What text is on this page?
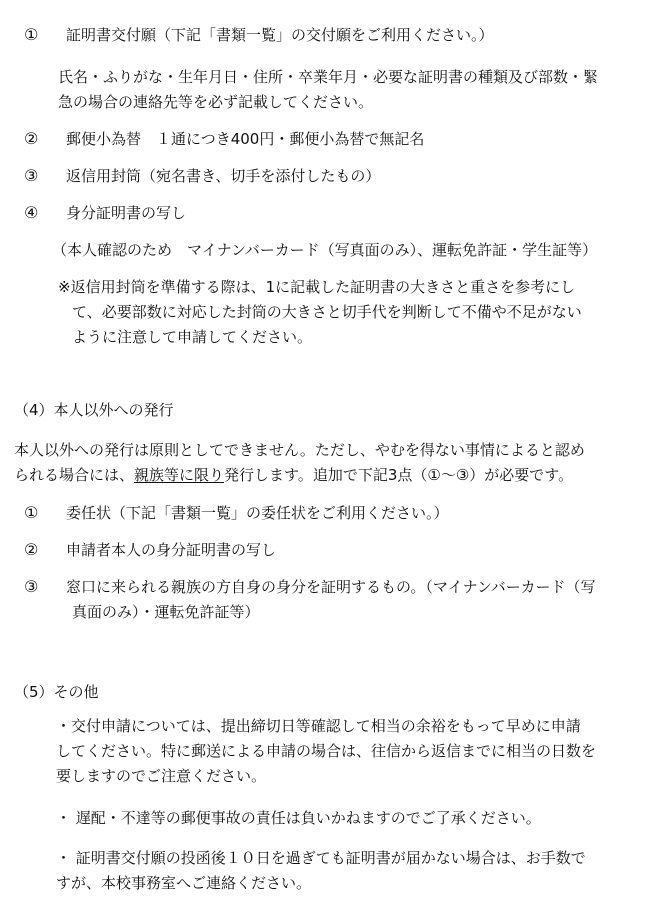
① 証明書交付願（下記「書類一覧」の交付願をご利用ください。）
氏名・ふりがな・生年月日・住所・卒業年月・必要な証明書の種類及び部数・緊
急の場合の連絡先等を必ず記載してください。
② 郵便小為替　１通につき400円・郵便小為替で無記名
③ 返信用封筒（宛名書き、切手を添付したもの）
④ 身分証明書の写し
（本人確認のため　マイナンバーカード（写真面のみ）、運転免許証・学生証等）
※返信用封筒を準備する際は、1に記載した証明書の大きさと重さを参考にし
て、必要部数に対応した封筒の大きさと切手代を判断して不備や不足がない
ように注意して申請してください。
（4）本人以外への発行
本人以外への発行は原則としてできません。ただし、やむを得ない事情によると認め
られる場合には、親族等に限り発行します。追加で下記3点（①～③）が必要です。
① 委任状（下記「書類一覧」の委任状をご利用ください。）
② 申請者本人の身分証明書の写し
③ 窓口に来られる親族の方自身の身分を証明するもの。（マイナンバーカード（写
真面のみ）・運転免許証等）
（5）その他
・交付申請については、提出締切日等確認して相当の余裕をもって早めに申請
してください。特に郵送による申請の場合は、往信から返信までに相当の日数を
要しますのでご注意ください。
・ 遅配・不達等の郵便事故の責任は負いかねますのでご了承ください。
・ 証明書交付願の投函後１０日を過ぎても証明書が届かない場合は、お手数で
すが、本校事務室へご連絡ください。
